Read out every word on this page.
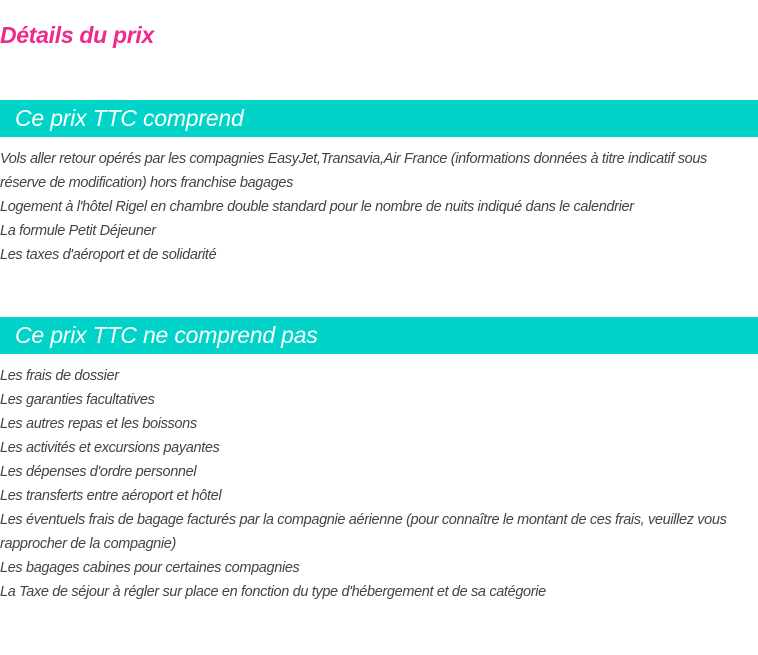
Détails du prix
Ce prix TTC comprend
Vols aller retour opérés par les compagnies EasyJet,Transavia,Air France (informations données à titre indicatif sous réserve de modification) hors franchise bagages
Logement à l'hôtel Rigel en chambre double standard pour le nombre de nuits indiqué dans le calendrier
La formule Petit Déjeuner
Les taxes d'aéroport et de solidarité
Ce prix TTC ne comprend pas
Les frais de dossier
Les garanties facultatives
Les autres repas et les boissons
Les activités et excursions payantes
Les dépenses d'ordre personnel
Les transferts entre aéroport et hôtel
Les éventuels frais de bagage facturés par la compagnie aérienne (pour connaître le montant de ces frais, veuillez vous rapprocher de la compagnie)
Les bagages cabines pour certaines compagnies
La Taxe de séjour à régler sur place en fonction du type d'hébergement et de sa catégorie
